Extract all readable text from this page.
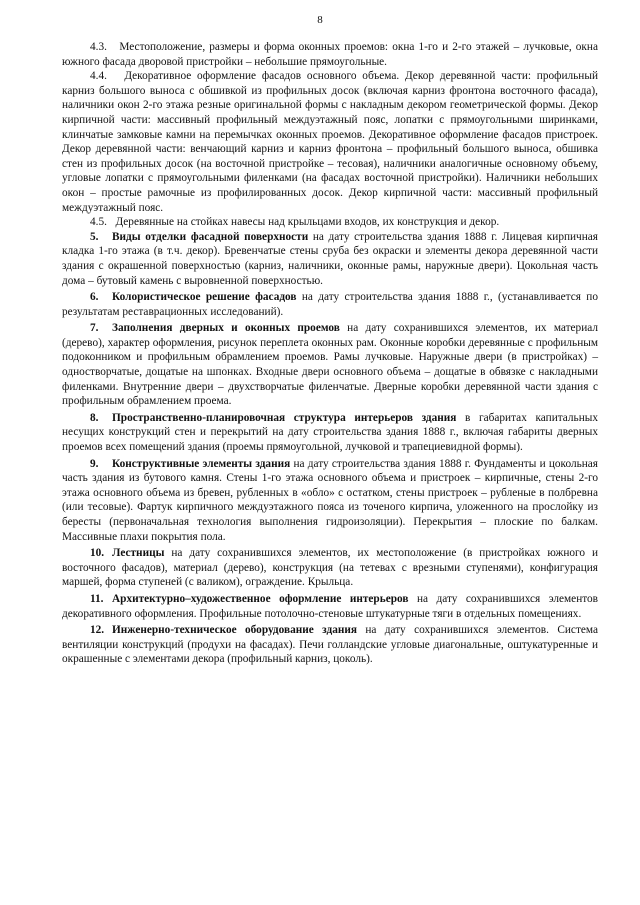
8

4.3. Местоположение, размеры и форма оконных проемов: окна 1-го и 2-го этажей – лучковые, окна южного фасада дворовой пристройки – небольшие прямоугольные.

4.4. Декоративное оформление фасадов основного объема. Декор деревянной части: профильный карниз большого выноса с обшивкой из профильных досок (включая карниз фронтона восточного фасада), наличники окон 2-го этажа резные оригинальной формы с накладным декором геометрической формы. Декор кирпичной части: массивный профильный междуэтажный пояс, лопатки с прямоугольными ширинками, клинчатые замковые камни на перемычках оконных проемов. Декоративное оформление фасадов пристроек. Декор деревянной части: венчающий карниз и карниз фронтона – профильный большого выноса, обшивка стен из профильных досок (на восточной пристройке – тесовая), наличники аналогичные основному объему, угловые лопатки с прямоугольными филенками (на фасадах восточной пристройки). Наличники небольших окон – простые рамочные из профилированных досок. Декор кирпичной части: массивный профильный междуэтажный пояс.

4.5. Деревянные на стойках навесы над крыльцами входов, их конструкция и декор.

5. Виды отделки фасадной поверхности на дату строительства здания 1888 г. Лицевая кирпичная кладка 1-го этажа (в т.ч. декор). Бревенчатые стены сруба без окраски и элементы декора деревянной части здания с окрашенной поверхностью (карниз, наличники, оконные рамы, наружные двери). Цокольная часть дома – бутовый камень с выровненной поверхностью.

6. Колористическое решение фасадов на дату строительства здания 1888 г., (устанавливается по результатам реставрационных исследований).

7. Заполнения дверных и оконных проемов на дату сохранившихся элементов, их материал (дерево), характер оформления, рисунок переплета оконных рам. Оконные коробки деревянные с профильным подоконником и профильным обрамлением проемов. Рамы лучковые. Наружные двери (в пристройках) – одностворчатые, дощатые на шпонках. Входные двери основного объема – дощатые в обвязке с накладными филенками. Внутренние двери – двухстворчатые филенчатые. Дверные коробки деревянной части здания с профильным обрамлением проема.

8. Пространственно-планировочная структура интерьеров здания в габаритах капитальных несущих конструкций стен и перекрытий на дату строительства здания 1888 г., включая габариты дверных проемов всех помещений здания (проемы прямоугольной, лучковой и трапециевидной формы).

9. Конструктивные элементы здания на дату строительства здания 1888 г. Фундаменты и цокольная часть здания из бутового камня. Стены 1-го этажа основного объема и пристроек – кирпичные, стены 2-го этажа основного объема из бревен, рубленных в «обло» с остатком, стены пристроек – рубленые в полбревна (или тесовые). Фартук кирпичного междуэтажного пояса из точеного кирпича, уложенного на прослойку из бересты (первоначальная технология выполнения гидроизоляции). Перекрытия – плоские по балкам. Массивные плахи покрытия пола.

10. Лестницы на дату сохранившихся элементов, их местоположение (в пристройках южного и восточного фасадов), материал (дерево), конструкция (на тетевах с врезными ступенями), конфигурация маршей, форма ступеней (с валиком), ограждение. Крыльца.

11. Архитектурно–художественное оформление интерьеров на дату сохранившихся элементов декоративного оформления. Профильные потолочно-стеновые штукатурные тяги в отдельных помещениях.

12. Инженерно-техническое оборудование здания на дату сохранившихся элементов. Система вентиляции конструкций (продухи на фасадах). Печи голландские угловые диагональные, оштукатуренные и окрашенные с элементами декора (профильный карниз, цоколь).
